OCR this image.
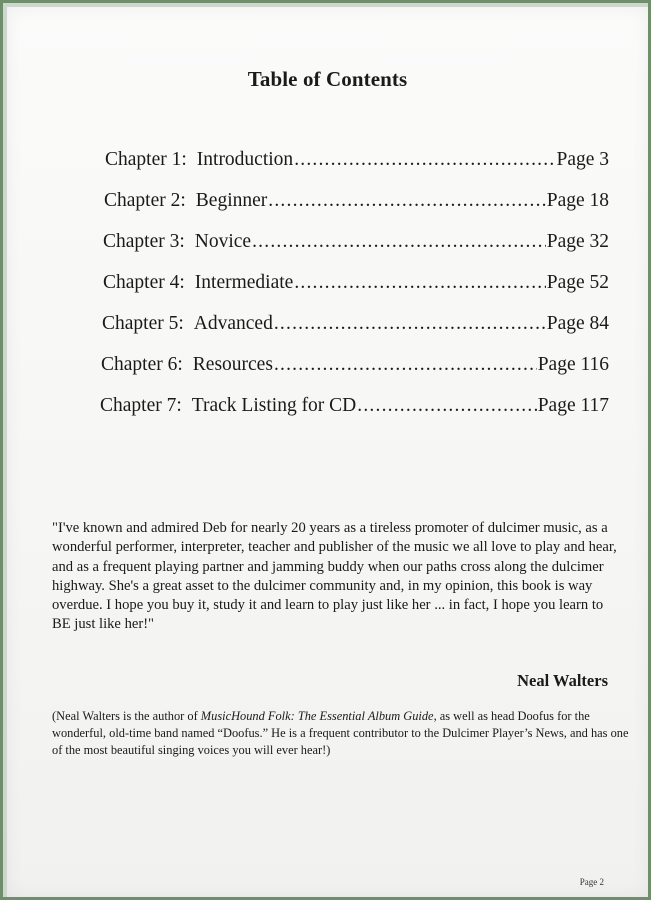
Table of Contents
Chapter 1: Introduction .....	Page 3
Chapter 2: Beginner .....	Page 18
Chapter 3: Novice .....	Page 32
Chapter 4: Intermediate .....	Page 52
Chapter 5: Advanced .....	Page 84
Chapter 6: Resources .....	Page 116
Chapter 7: Track Listing for CD .....	Page 117
"I've known and admired Deb for nearly 20 years as a tireless promoter of dulcimer music, as a wonderful performer, interpreter, teacher and publisher of the music we all love to play and hear, and as a frequent playing partner and jamming buddy when our paths cross along the dulcimer highway. She's a great asset to the dulcimer community and, in my opinion, this book is way overdue. I hope you buy it, study it and learn to play just like her ... in fact, I hope you learn to BE just like her!"
Neal Walters
(Neal Walters is the author of MusicHound Folk: The Essential Album Guide, as well as head Doofus for the wonderful, old-time band named “Doofus.” He is a frequent contributor to the Dulcimer Player’s News, and has one of the most beautiful singing voices you will ever hear!)
Page 2
